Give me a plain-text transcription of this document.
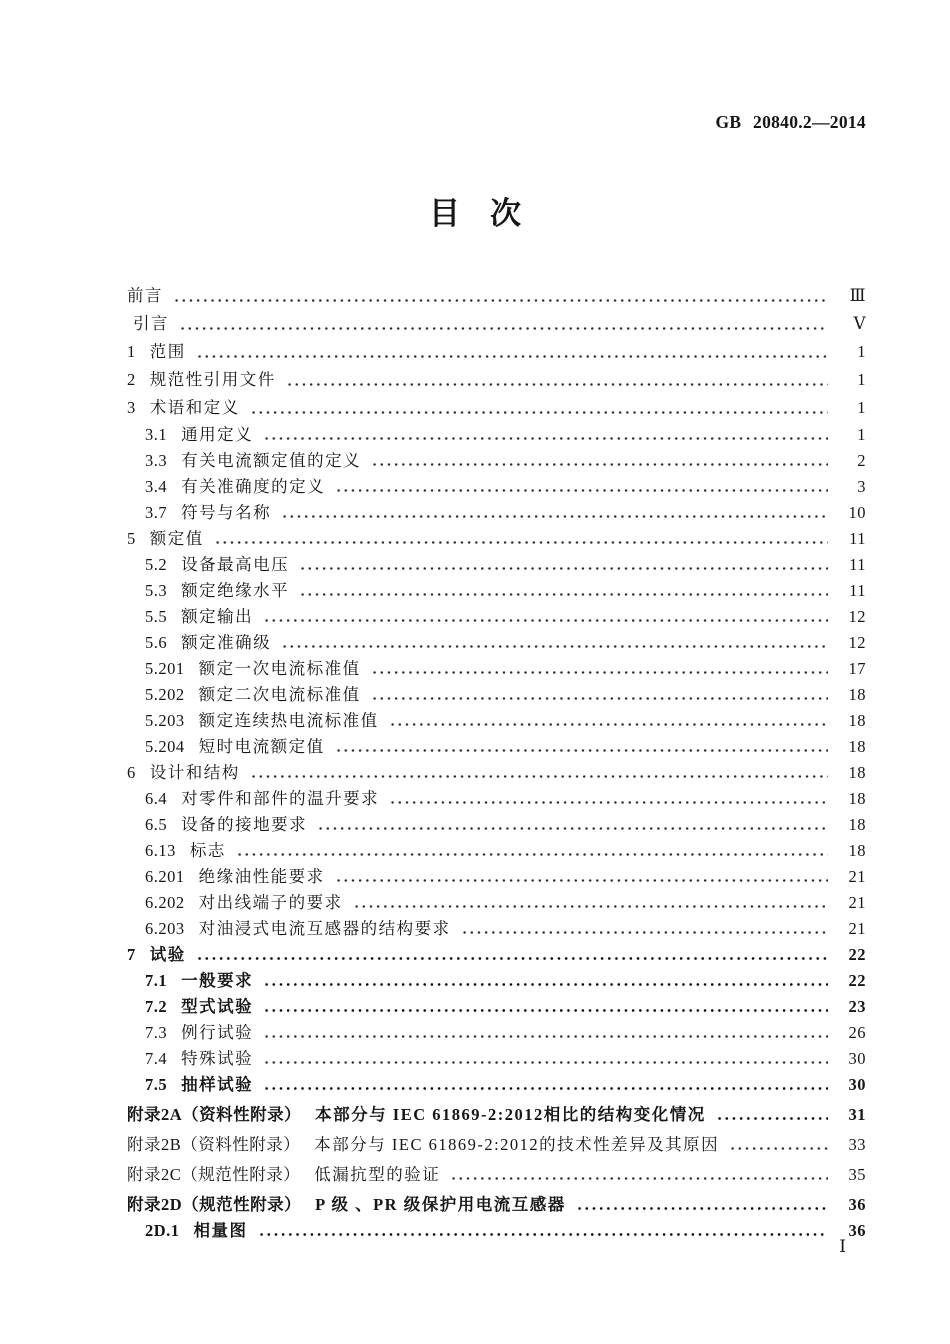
GB 20840.2—2014
目 次
前言	Ⅲ
引言	Ⅴ
1 范围	1
2 规范性引用文件	1
3 术语和定义	1
3.1 通用定义	1
3.3 有关电流额定值的定义	2
3.4 有关准确度的定义	3
3.7 符号与名称	10
5 额定值	11
5.2 设备最高电压	11
5.3 额定绝缘水平	11
5.5 额定输出	12
5.6 额定准确级	12
5.201 额定一次电流标准值	17
5.202 额定二次电流标准值	18
5.203 额定连续热电流标准值	18
5.204 短时电流额定值	18
6 设计和结构	18
6.4 对零件和部件的温升要求	18
6.5 设备的接地要求	18
6.13 标志	18
6.201 绝缘油性能要求	21
6.202 对出线端子的要求	21
6.203 对油浸式电流互感器的结构要求	21
7 试验	22
7.1 一般要求	22
7.2 型式试验	23
7.3 例行试验	26
7.4 特殊试验	30
7.5 抽样试验	30
附录2A（资料性附录） 本部分与 IEC 61869-2:2012相比的结构变化情况	31
附录2B（资料性附录） 本部分与 IEC 61869-2:2012的技术性差异及其原因	33
附录2C（规范性附录） 低漏抗型的验证	35
附录2D（规范性附录） P 级 、PR 级保护用电流互感器	36
2D.1 相量图	36
Ⅰ
